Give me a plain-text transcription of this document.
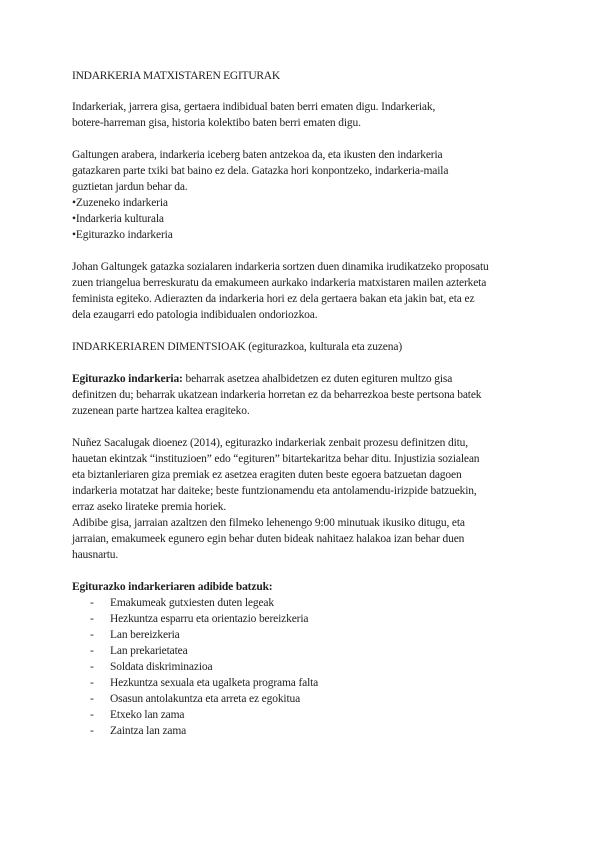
INDARKERIA MATXISTAREN EGITURAK

Indarkeriak, jarrera gisa, gertaera indibidual baten berri ematen digu. Indarkeriak,
botere-harreman gisa, historia kolektibo baten berri ematen digu.

Galtungen arabera, indarkeria iceberg baten antzekoa da, eta ikusten den indarkeria
gatazkaren parte txiki bat baino ez dela. Gatazka hori konpontzeko, indarkeria-maila
guztietan jardun behar da.
•Zuzeneko indarkeria
•Indarkeria kulturala
•Egiturazko indarkeria

Johan Galtungek gatazka sozialaren indarkeria sortzen duen dinamika irudikatzeko proposatu
zuen triangelua berreskuratu da emakumeen aurkako indarkeria matxistaren mailen azterketa
feminista egiteko. Adierazten da indarkeria hori ez dela gertaera bakan eta jakin bat, eta ez
dela ezaugarri edo patologia indibidualen ondoriozkoa.

INDARKERIAREN DIMENTSIOAK (egiturazkoa, kulturala eta zuzena)

Egiturazko indarkeria: beharrak asetzea ahalbidetzen ez duten egituren multzo gisa
definitzen du; beharrak ukatzean indarkeria horretan ez da beharrezkoa beste pertsona batek
zuzenean parte hartzea kaltea eragiteko.

Nuñez Sacalugak dioenez (2014), egiturazko indarkeriak zenbait prozesu definitzen ditu,
hauetan ekintzak “instituzioen” edo “egituren” bitartekaritza behar ditu. Injustizia sozialean
eta biztanleriaren giza premiak ez asetzea eragiten duten beste egoera batzuetan dagoen
indarkeria motatzat har daiteke; beste funtzionamendu eta antolamendu-irizpide batzuekin,
erraz aseko lirateke premia horiek.
Adibibe gisa, jarraian azaltzen den filmeko lehenengo 9:00 minutuak ikusiko ditugu, eta
jarraian, emakumeek egunero egin behar duten bideak nahitaez halakoa izan behar duen
hausnartu.
Egiturazko indarkeriaren adibide batzuk:
-	Emakumeak gutxiesten duten legeak
-	Hezkuntza esparru eta orientazio bereizkeria
-	Lan bereizkeria
-	Lan prekarietatea
-	Soldata diskriminazioa
-	Hezkuntza sexuala eta ugalketa programa falta
-	Osasun antolakuntza eta arreta ez egokitua
-	Etxeko lan zama
-	Zaintza lan zama
